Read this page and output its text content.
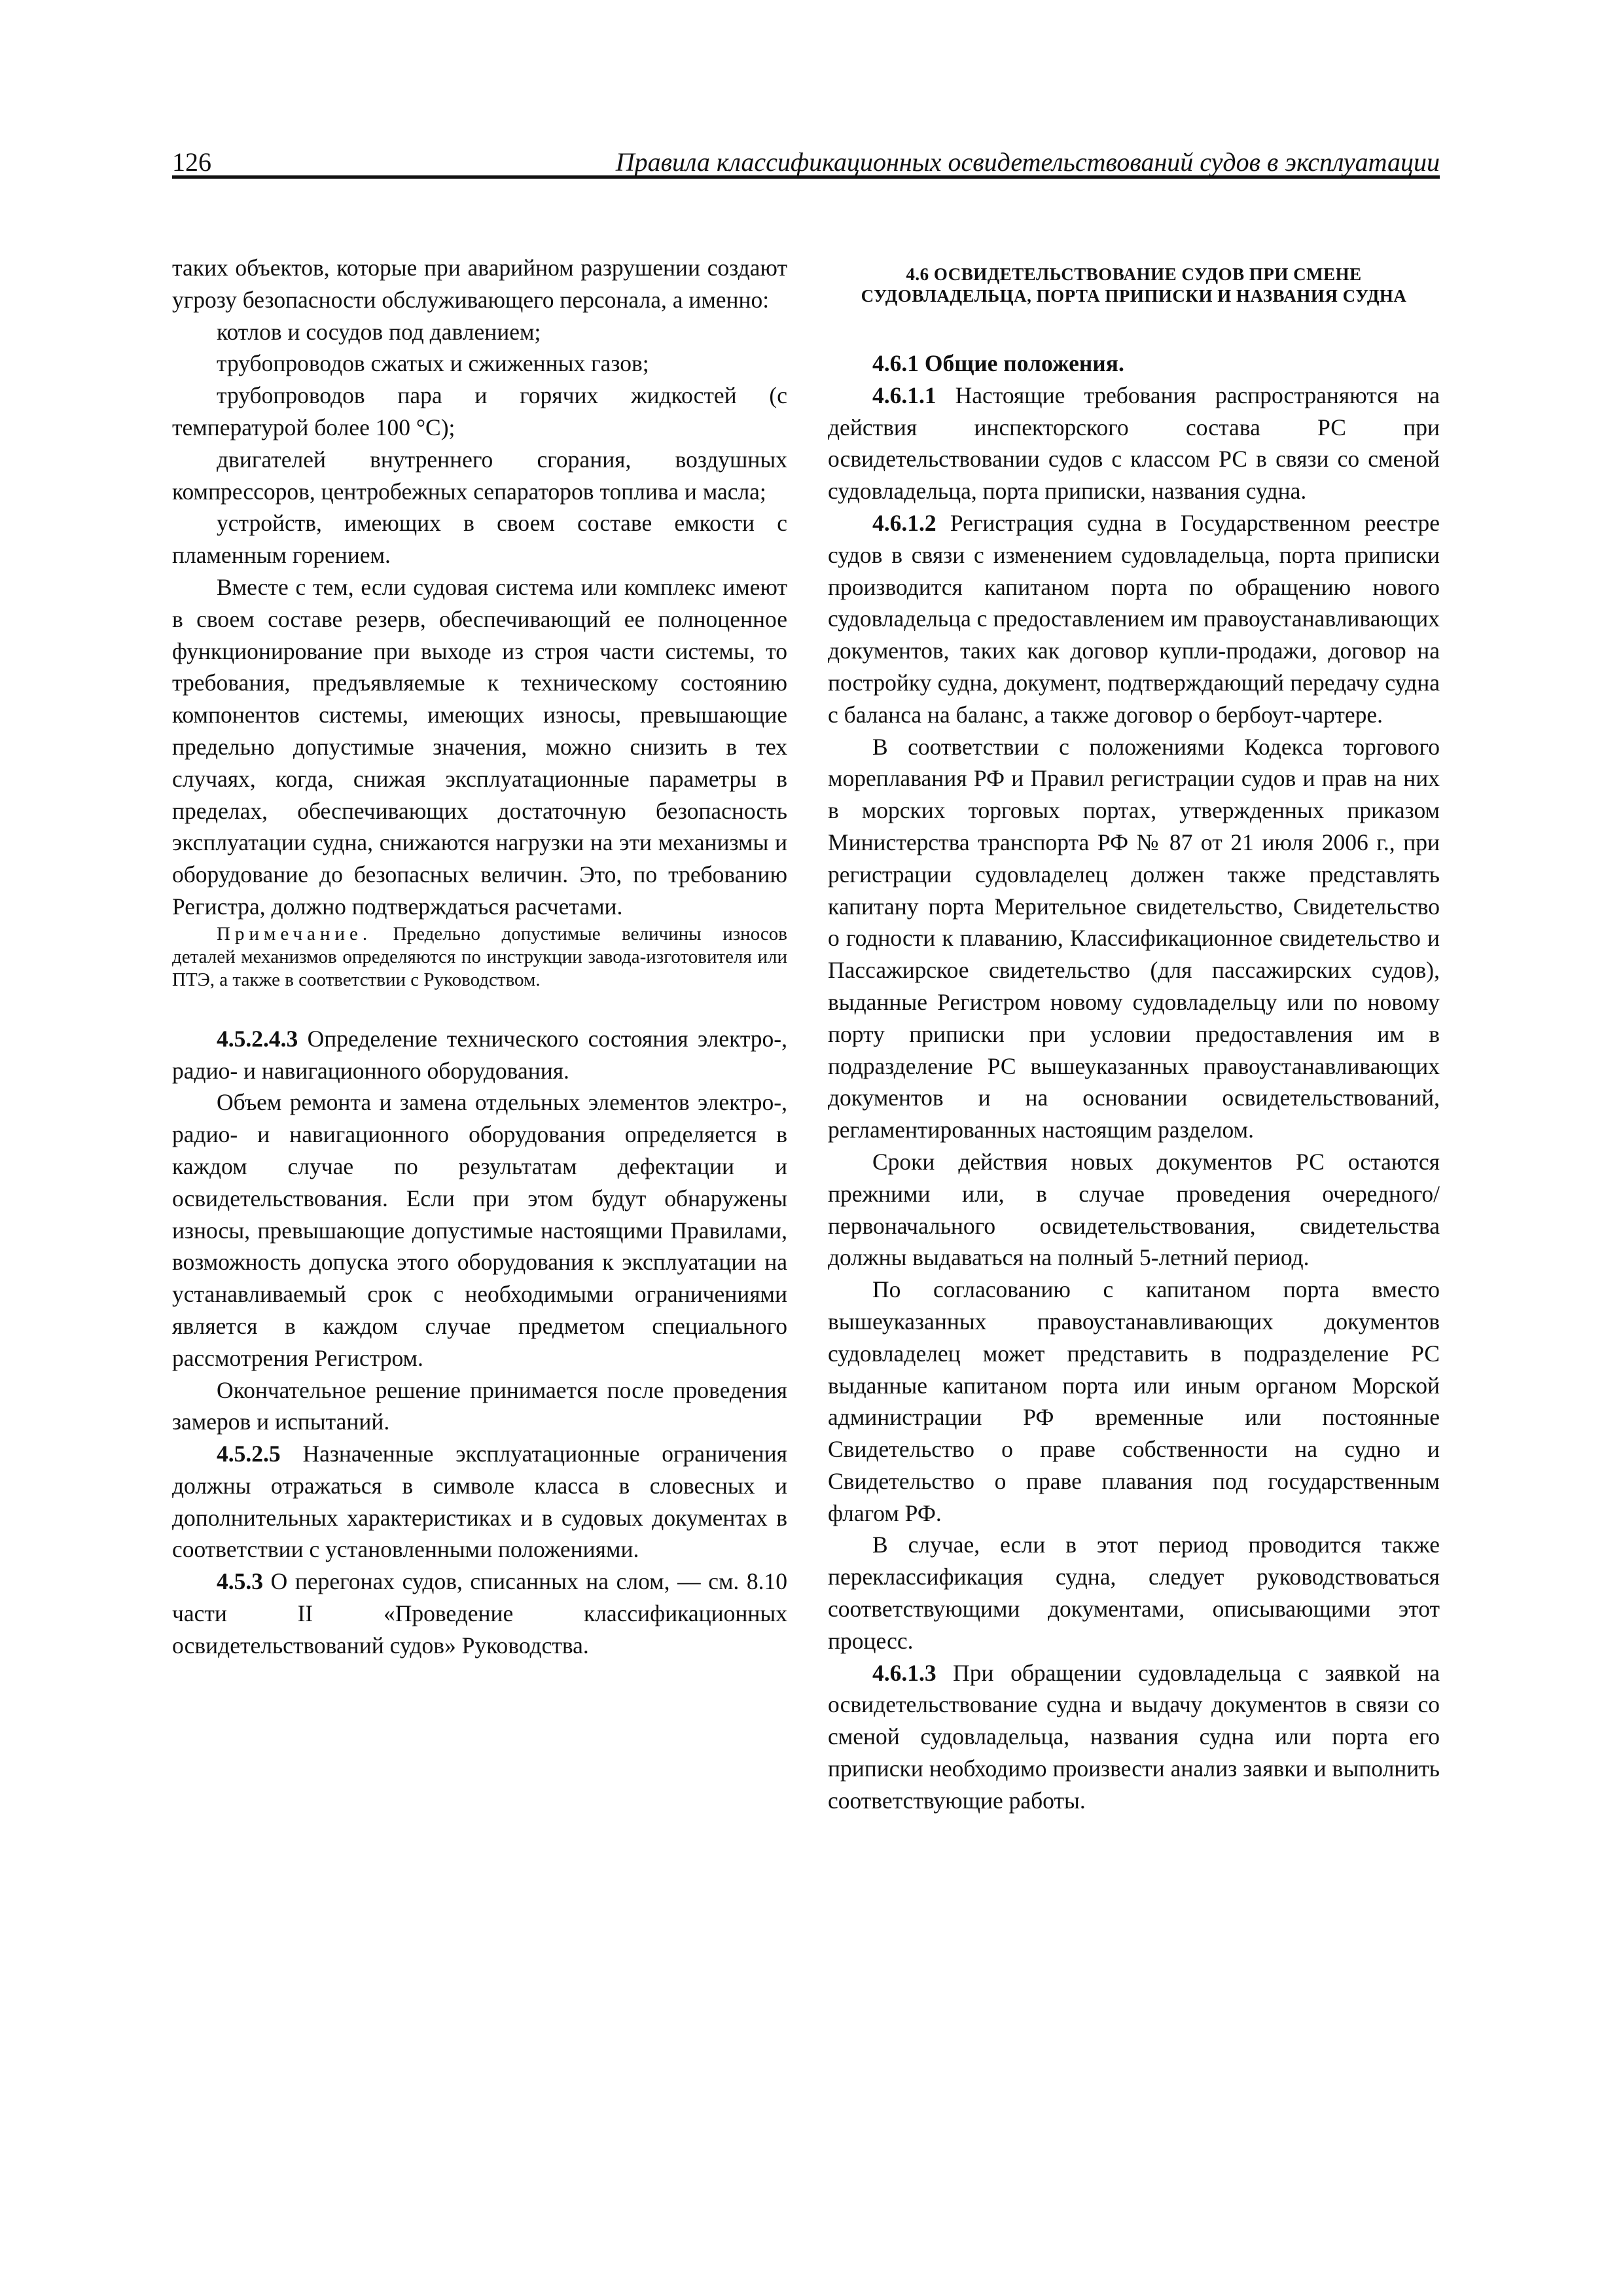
126	Правила классификационных освидетельствований судов в эксплуатации

таких объектов, которые при аварийном разрушении создают угрозу безопасности обслуживающего персонала, а именно:

котлов и сосудов под давлением;

трубопроводов сжатых и сжиженных газов;

трубопроводов пара и горячих жидкостей (с температурой более 100 °С);

двигателей внутреннего сгорания, воздушных компрессоров, центробежных сепараторов топлива и масла;

устройств, имеющих в своем составе емкости с пламенным горением.

Вместе с тем, если судовая система или комплекс имеют в своем составе резерв, обеспечивающий ее полноценное функционирование при выходе из строя части системы, то требования, предъявляемые к техническому состоянию компонентов системы, имеющих износы, превышающие предельно допустимые значения, можно снизить в тех случаях, когда, снижая эксплуатационные параметры в пределах, обеспечивающих достаточную безопасность эксплуатации судна, снижаются нагрузки на эти механизмы и оборудование до безопасных величин. Это, по требованию Регистра, должно подтверждаться расчетами.

Примечание. Предельно допустимые величины износов деталей механизмов определяются по инструкции завода-изготовителя или ПТЭ, а также в соответствии с Руководством.

4.5.2.4.3 Определение технического состояния электро-, радио- и навигационного оборудования.

Объем ремонта и замена отдельных элементов электро-, радио- и навигационного оборудования определяется в каждом случае по результатам дефектации и освидетельствования. Если при этом будут обнаружены износы, превышающие допустимые настоящими Правилами, возможность допуска этого оборудования к эксплуатации на устанавливаемый срок с необходимыми ограничениями является в каждом случае предметом специального рассмотрения Регистром.

Окончательное решение принимается после проведения замеров и испытаний.

4.5.2.5 Назначенные эксплуатационные ограничения должны отражаться в символе класса в словесных и дополнительных характеристиках и в судовых документах в соответствии с установленными положениями.

4.5.3 О перегонах судов, списанных на слом, — см. 8.10 части II «Проведение классификационных освидетельствований судов» Руководства.

4.6 ОСВИДЕТЕЛЬСТВОВАНИЕ СУДОВ ПРИ СМЕНЕ СУДОВЛАДЕЛЬЦА, ПОРТА ПРИПИСКИ И НАЗВАНИЯ СУДНА

4.6.1 Общие положения.

4.6.1.1 Настоящие требования распространяются на действия инспекторского состава РС при освидетельствовании судов с классом РС в связи со сменой судовладельца, порта приписки, названия судна.

4.6.1.2 Регистрация судна в Государственном реестре судов в связи с изменением судовладельца, порта приписки производится капитаном порта по обращению нового судовладельца с предоставлением им правоустанавливающих документов, таких как договор купли-продажи, договор на постройку судна, документ, подтверждающий передачу судна с баланса на баланс, а также договор о бербоут-чартере.

В соответствии с положениями Кодекса торгового мореплавания РФ и Правил регистрации судов и прав на них в морских торговых портах, утвержденных приказом Министерства транспорта РФ № 87 от 21 июля 2006 г., при регистрации судовладелец должен также представлять капитану порта Мерительное свидетельство, Свидетельство о годности к плаванию, Классификационное свидетельство и Пассажирское свидетельство (для пассажирских судов), выданные Регистром новому судовладельцу или по новому порту приписки при условии предоставления им в подразделение РС вышеуказанных правоустанавливающих документов и на основании освидетельствований, регламентированных настоящим разделом.

Сроки действия новых документов РС остаются прежними или, в случае проведения очередного/первоначального освидетельствования, свидетельства должны выдаваться на полный 5-летний период.

По согласованию с капитаном порта вместо вышеуказанных правоустанавливающих документов судовладелец может представить в подразделение РС выданные капитаном порта или иным органом Морской администрации РФ временные или постоянные Свидетельство о праве собственности на судно и Свидетельство о праве плавания под государственным флагом РФ.

В случае, если в этот период проводится также переклассификация судна, следует руководствоваться соответствующими документами, описывающими этот процесс.

4.6.1.3 При обращении судовладельца с заявкой на освидетельствование судна и выдачу документов в связи со сменой судовладельца, названия судна или порта его приписки необходимо произвести анализ заявки и выполнить соответствующие работы.
